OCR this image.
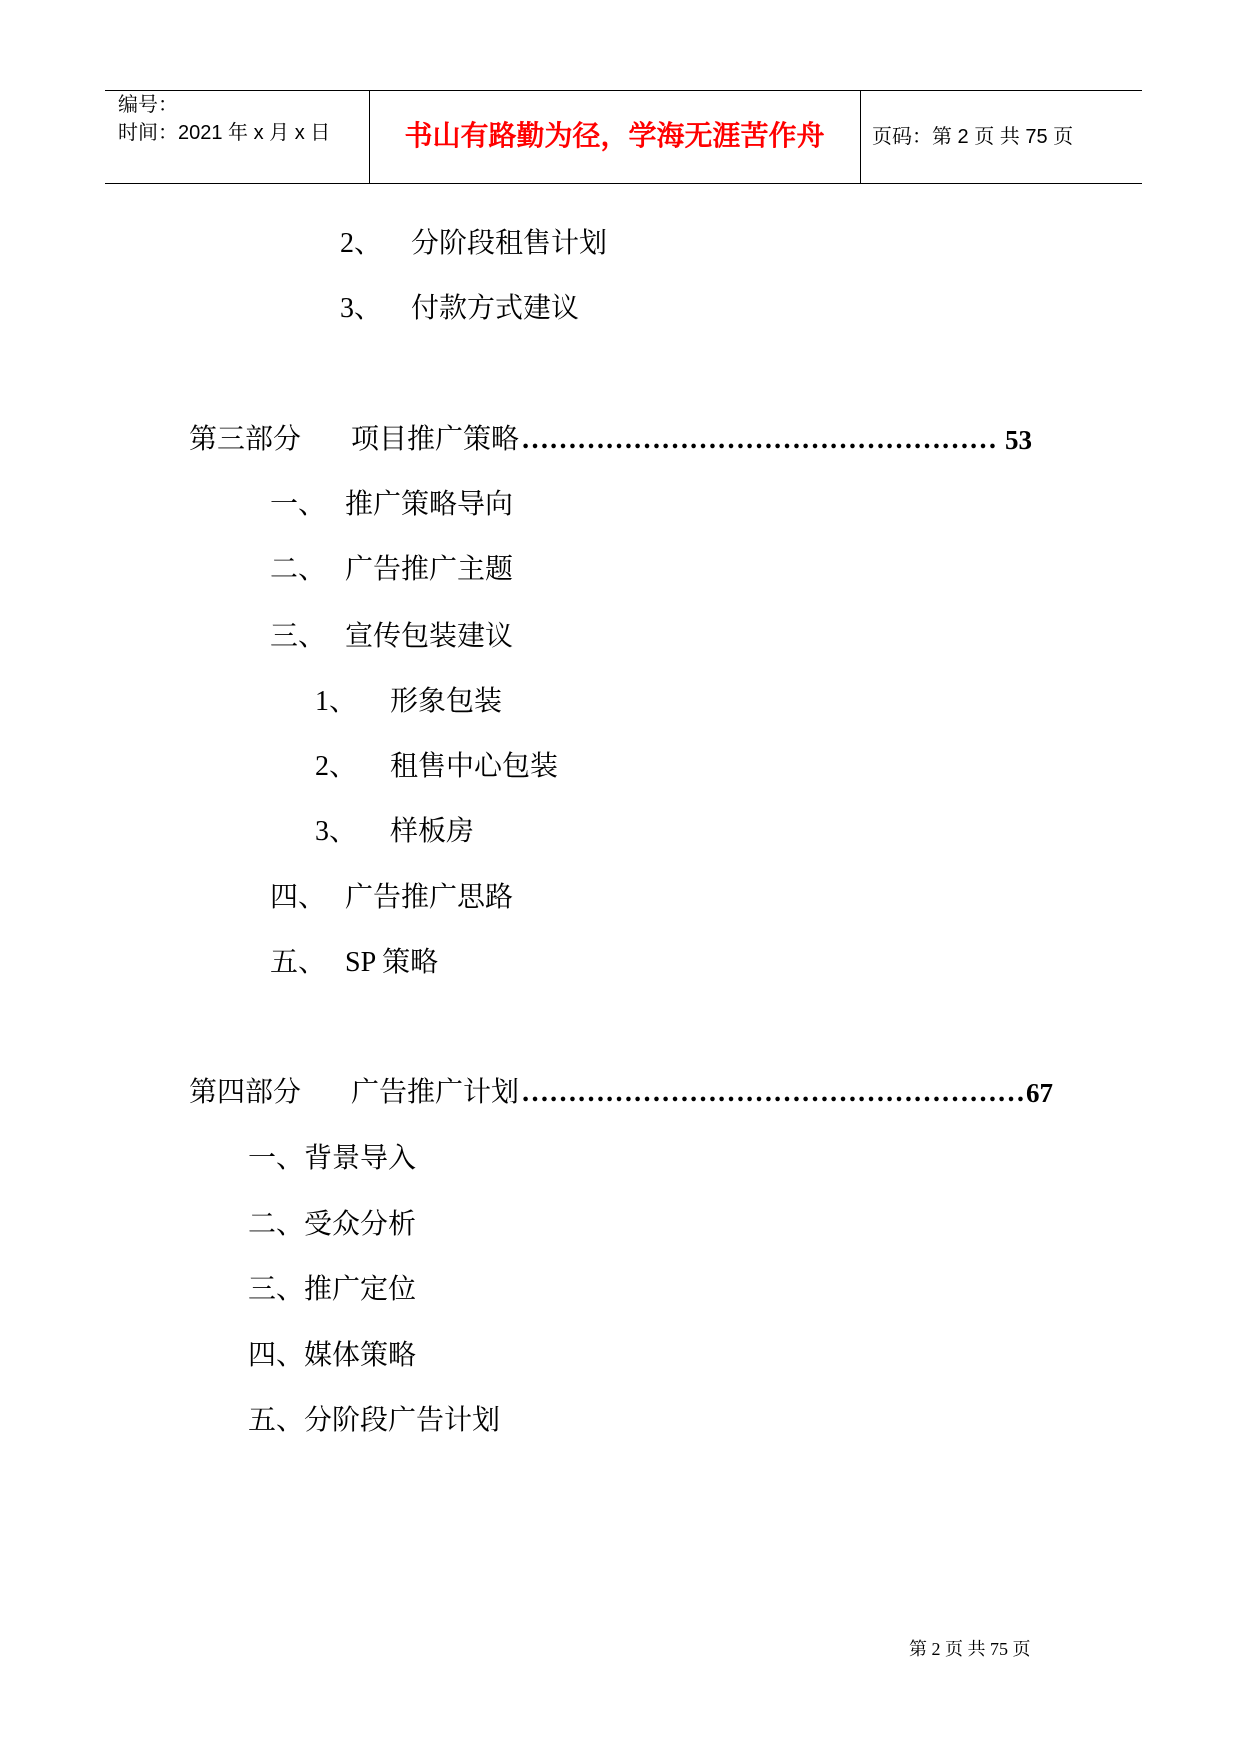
编号：
时间：2021 年 x 月 x 日	书山有路勤为径，学海无涯苦作舟	页码：第 2 页 共 75 页
2、 分阶段租售计划
3、 付款方式建议
第三部分 项目推广策略 …………………………………………… 53
一、 推广策略导向
二、 广告推广主题
三、 宣传包装建议
1、 形象包装
2、 租售中心包装
3、 样板房
四、 广告推广思路
五、 SP 策略
第四部分 广告推广计划 ……………………………………………… 67
一、背景导入
二、受众分析
三、推广定位
四、媒体策略
五、分阶段广告计划
第 2 页 共 75 页
